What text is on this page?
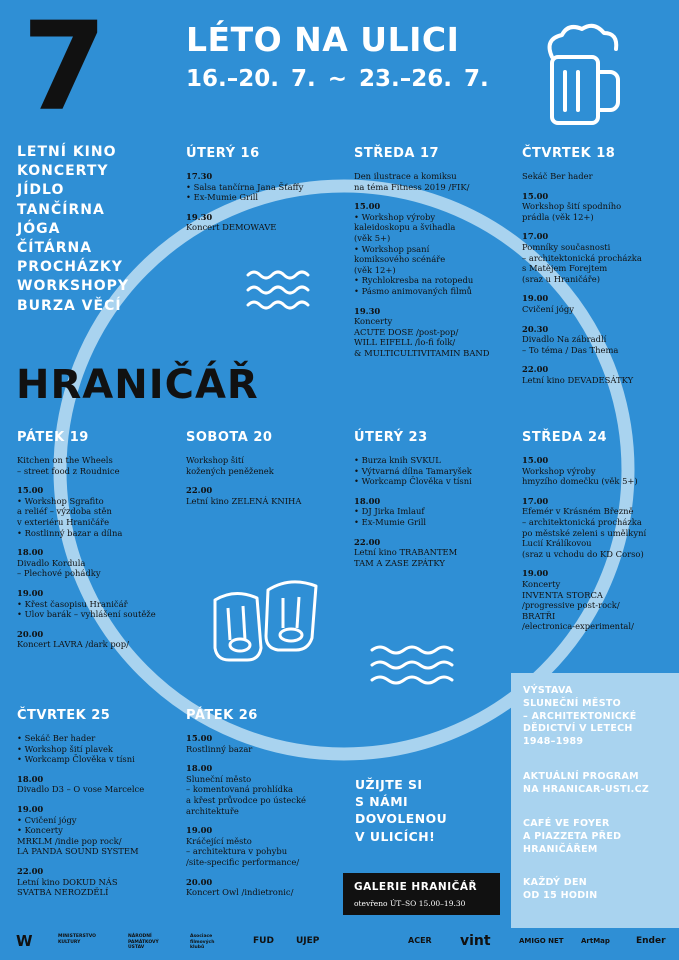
7	LÉTO NA ULICI
16.–20. 7. ~ 23.–26. 7.
LETNÍ KINO
KONCERTY
JÍDLO
TANČÍRNA
JÓGA
ČÍTÁRNA
PROCHÁZKY
WORKSHOPY
BURZA VĚCÍ
HRANIČÁŘ
ÚTERÝ 16
17.30
• Salsa tančírna Jana Šťaffy
• Ex-Mumie Grill
19.30
Koncert DEMOWAVE
STŘEDA 17
Den ilustrace a komiksu
na téma Fitness 2019 /FIK/
15.00
• Workshop výroby
kaleidoskopu a švihadla
(věk 5+)
• Workshop psaní
komiksového scénáře
(věk 12+)
• Rychlokresba na rotopedu
• Pásmo animovaných filmů
19.30
Koncerty
ACUTE DOSE /post-pop/
WILL EIFELL /lo-fi folk/
& MULTICULTIVITAMIN BAND
ČTVRTEK 18
Sekáč Ber hader
15.00
Workshop šití spodního
prádla (věk 12+)
17.00
Pomníky současnosti
– architektonická procházka
s Matějem Forejtem
(sraz u Hraničáře)
19.00
Cvičení jógy
20.30
Divadlo Na zábradlí
– To téma / Das Thema
22.00
Letní kino DEVADESÁTKY
PÁTEK 19
Kitchen on the Wheels
– street food z Roudnice
15.00
• Workshop Sgrafito
a reliéf – výzdoba stěn
v exteriéru Hraničáře
• Rostlinný bazar a dílna
18.00
Divadlo Kordula
– Plechové pohádky
19.00
• Křest časopisu Hraničář
• Ulov barák – vyhlášení soutěže
20.00
Koncert LAVRA /dark pop/
SOBOTA 20
Workshop šití
kožených peněženek
22.00
Letní kino ZELENÁ KNIHA
ÚTERÝ 23
• Burza knih SVKUL
• Výtvarná dílna Tamaryšek
• Workcamp Člověka v tísni
18.00
• DJ Jirka Imlauf
• Ex-Mumie Grill
22.00
Letní kino TRABANTEM
TAM A ZASE ZPÁTKY
STŘEDA 24
15.00
Workshop výroby
hmyzího domečku (věk 5+)
17.00
Efemér v Krásném Březně
– architektonická procházka
po městské zeleni s umělkyní
Lucií Králíkovou
(sraz u vchodu do KD Corso)
19.00
Koncerty
INVENTA STORCA
/progressive post-rock/
BRATŘI
/electronica-experimental/
ČTVRTEK 25
• Sekáč Ber hader
• Workshop šití plavek
• Workcamp Člověka v tísni
18.00
Divadlo D3 – O vose Marcelce
19.00
• Cvičení jógy
• Koncerty
MRKLM /indie pop rock/
LA PANDA SOUND SYSTEM
22.00
Letní kino DOKUD NÁS
SVATBA NEROZDĚLÍ
PÁTEK 26
15.00
Rostlinný bazar
18.00
Sluneční město
– komentovaná prohlídka
a křest průvodce po ústecké
architektuře
19.00
Kráčející město
– architektura v pohybu
/site-specific performance/
20.00
Koncert Owl /indietronic/
UŽIJTE SI
S NÁMI
DOVOLENOU
V ULICÍCH!
VÝSTAVA
SLUNEČNÍ MĚSTO
– ARCHITEKTONICKÉ
DĚDICTVÍ V LETECH
1948–1989
AKTUÁLNÍ PROGRAM
NA HRANICAR-USTI.CZ
CAFÉ VE FOYER
A PIAZZETA PŘED
HRANIČÁŘEM
KAŽDÝ DEN
OD 15 HODIN
GALERIE HRANIČÁŘ
otevřeno ÚT–SO 15.00–19.30
W	MINISTERSTVO
KULTURY
NÁRODNÍ
PAMÁTKOVÝ
ÚSTAV
Asociace
filmových
klubů
FUD UJEP	ACER vint	AMIGO NET ArtMap	Ender
